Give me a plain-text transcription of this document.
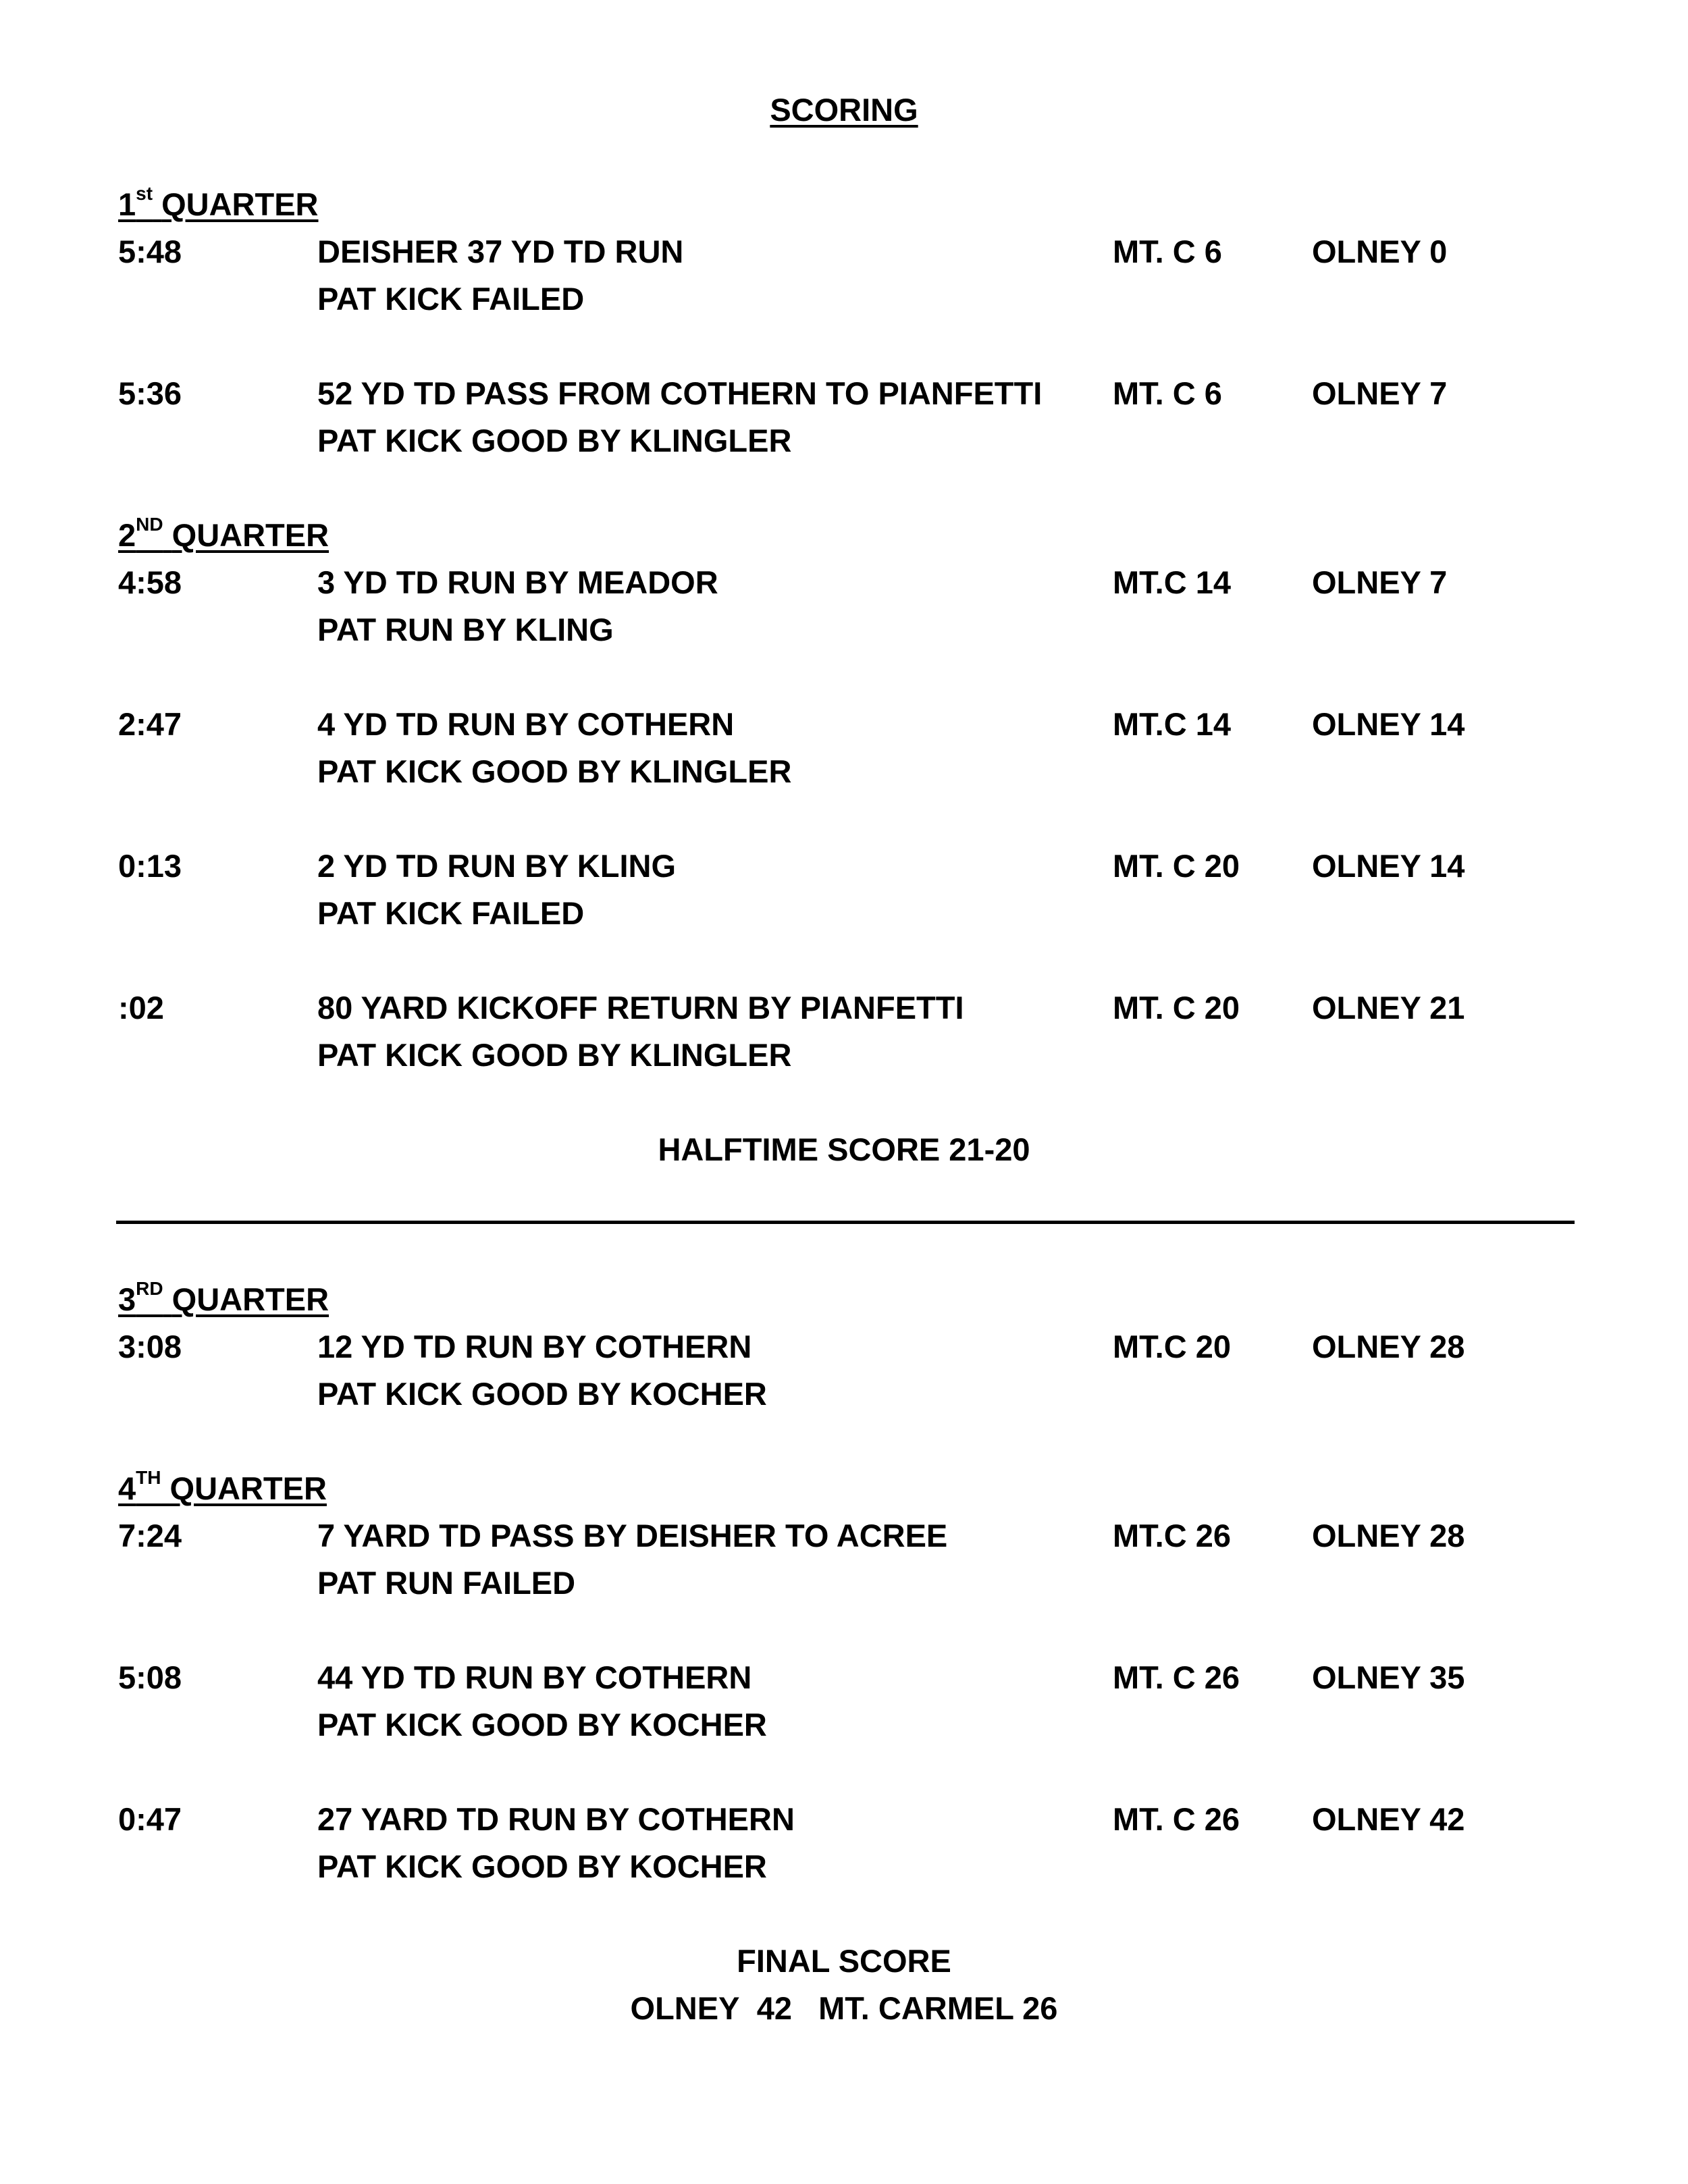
SCORING
1st QUARTER
5:48	DEISHER 37 YD TD RUN
PAT KICK FAILED
MT. C 6	OLNEY 0
5:36	52 YD TD PASS FROM COTHERN TO PIANFETTI
PAT KICK GOOD BY KLINGLER
MT. C 6	OLNEY 7
2ND QUARTER
4:58	3 YD TD RUN BY MEADOR
PAT RUN BY KLING
MT.C 14	OLNEY 7
2:47	4 YD TD RUN BY COTHERN
PAT KICK GOOD BY KLINGLER
MT.C 14	OLNEY 14
0:13	2 YD TD RUN BY KLING
PAT KICK FAILED
MT. C 20 OLNEY 14
:02	80 YARD KICKOFF RETURN BY PIANFETTI
PAT KICK GOOD BY KLINGLER
MT. C 20 OLNEY 21
HALFTIME SCORE 21-20
3RD QUARTER
3:08	12 YD TD RUN BY COTHERN
PAT KICK GOOD BY KOCHER
MT.C 20	OLNEY 28
4TH QUARTER
7:24	7 YARD TD PASS BY DEISHER TO ACREE
PAT RUN FAILED
MT.C 26	OLNEY 28
5:08	44 YD TD RUN BY COTHERN
PAT KICK GOOD BY KOCHER
MT. C 26 OLNEY 35
0:47	27 YARD TD RUN BY COTHERN
PAT KICK GOOD BY KOCHER
MT. C 26 OLNEY 42
FINAL SCORE
OLNEY  42   MT. CARMEL 26
